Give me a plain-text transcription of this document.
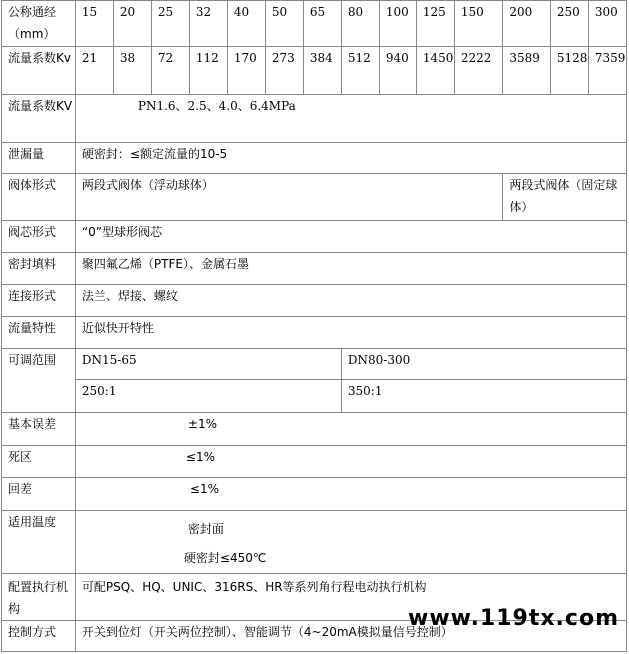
公称通经（mm）	15	20	25	32	40	50	65	80	100	125	150	200	250	300
流量系数Kv	21	38	72	112	170	273	384	512	940	1450	2222	3589	5128	7359
流量系数KV	PN1.6、2.5、4.0、6.4MPa													
泄漏量	硬密封：≤额定流量的10-5													
阀体形式	两段式阀体（浮动球体）											两段式阀体（固定球体）		
阀芯形式	“0”型球形阀芯													
密封填料	聚四氟乙烯（PTFE）、金属石墨													
连接形式	法兰、焊接、螺纹													
流量特性	近似快开特性													
可调范围	DN15-65							DN80-300						
	250:1							350:1						
基本误差	±1%													
死区	≤1%													
回差	≤1%													
适用温度	密封面
硬密封≤450℃													

配置执行机构	可配PSQ、HQ、UNIC、316RS、HR等系列角行程电动执行机构													
控制方式	开关到位灯（开关两位控制）、智能调节（4~20mA模拟量信号控制）													
www.119tx.com
